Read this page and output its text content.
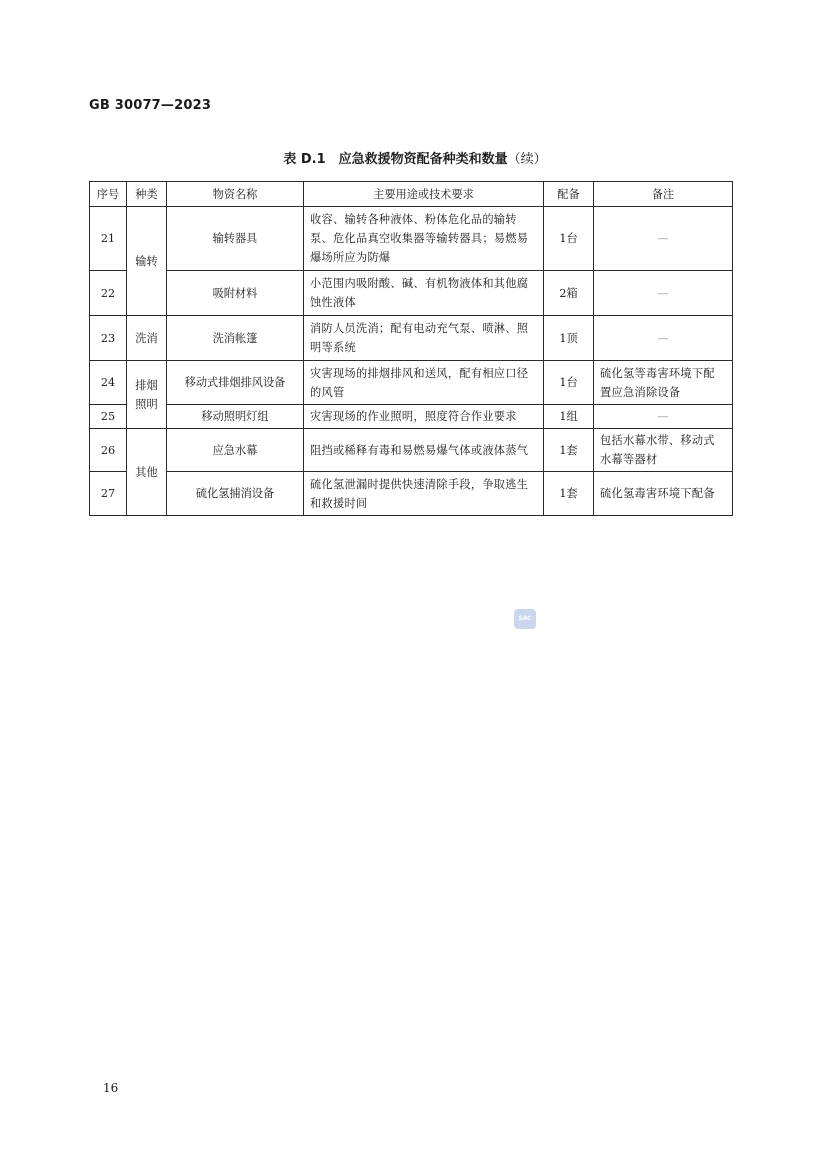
GB 30077—2023
表 D.1　应急救援物资配备种类和数量（续）
序号	种类	物资名称	主要用途或技术要求	配备	备注
21	输转	输转器具	收容、输转各种液体、粉体危化品的输转泵、危化品真空收集器等输转器具；易燃易爆场所应为防爆	1台	—
22		吸附材料	小范围内吸附酸、碱、有机物液体和其他腐蚀性液体	2箱	—
23	洗消	洗消帐篷	消防人员洗消；配有电动充气泵、喷淋、照明等系统	1顶	—
24	排烟照明	移动式排烟排风设备	灾害现场的排烟排风和送风，配有相应口径的风管	1台	硫化氢等毒害环境下配置应急消除设备
25		移动照明灯组	灾害现场的作业照明，照度符合作业要求	1组	—
26	其他	应急水幕	阻挡或稀释有毒和易燃易爆气体或液体蒸气	1套	包括水幕水带、移动式水幕等器材
27		硫化氢捕消设备	硫化氢泄漏时提供快速清除手段，争取逃生和救援时间	1套	硫化氢毒害环境下配备
SAC
16
